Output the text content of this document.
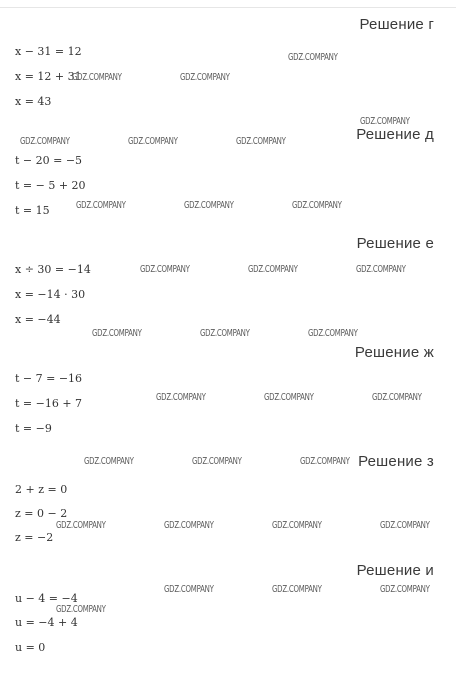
Решение г
x − 31 = 12
x = 12 + 31
x = 43
Решение д
t − 20 = −5
t = − 5 + 20
t = 15
Решение е
x ÷ 30 = −14
x = −14 · 30
x = −44
Решение ж
t − 7 = −16
t = −16 + 7
t = −9
Решение з
2 + z = 0
z = 0 − 2
z = −2
Решение и
u − 4 = −4
u = −4 + 4
u = 0
GDZ.COMPANY
GDZ.COMPANY	GDZ.COMPANY
GDZ.COMPANY
GDZ.COMPANY	GDZ.COMPANY	GDZ.COMPANY
GDZ.COMPANY	GDZ.COMPANY	GDZ.COMPANY
GDZ.COMPANY	GDZ.COMPANY	GDZ.COMPANY
GDZ.COMPANY	GDZ.COMPANY	GDZ.COMPANY
GDZ.COMPANY	GDZ.COMPANY	GDZ.COMPANY
GDZ.COMPANY	GDZ.COMPANY	GDZ.COMPANY
GDZ.COMPANY	GDZ.COMPANY	GDZ.COMPANY	GDZ.COMPANY
GDZ.COMPANY	GDZ.COMPANY	GDZ.COMPANY
GDZ.COMPANY
